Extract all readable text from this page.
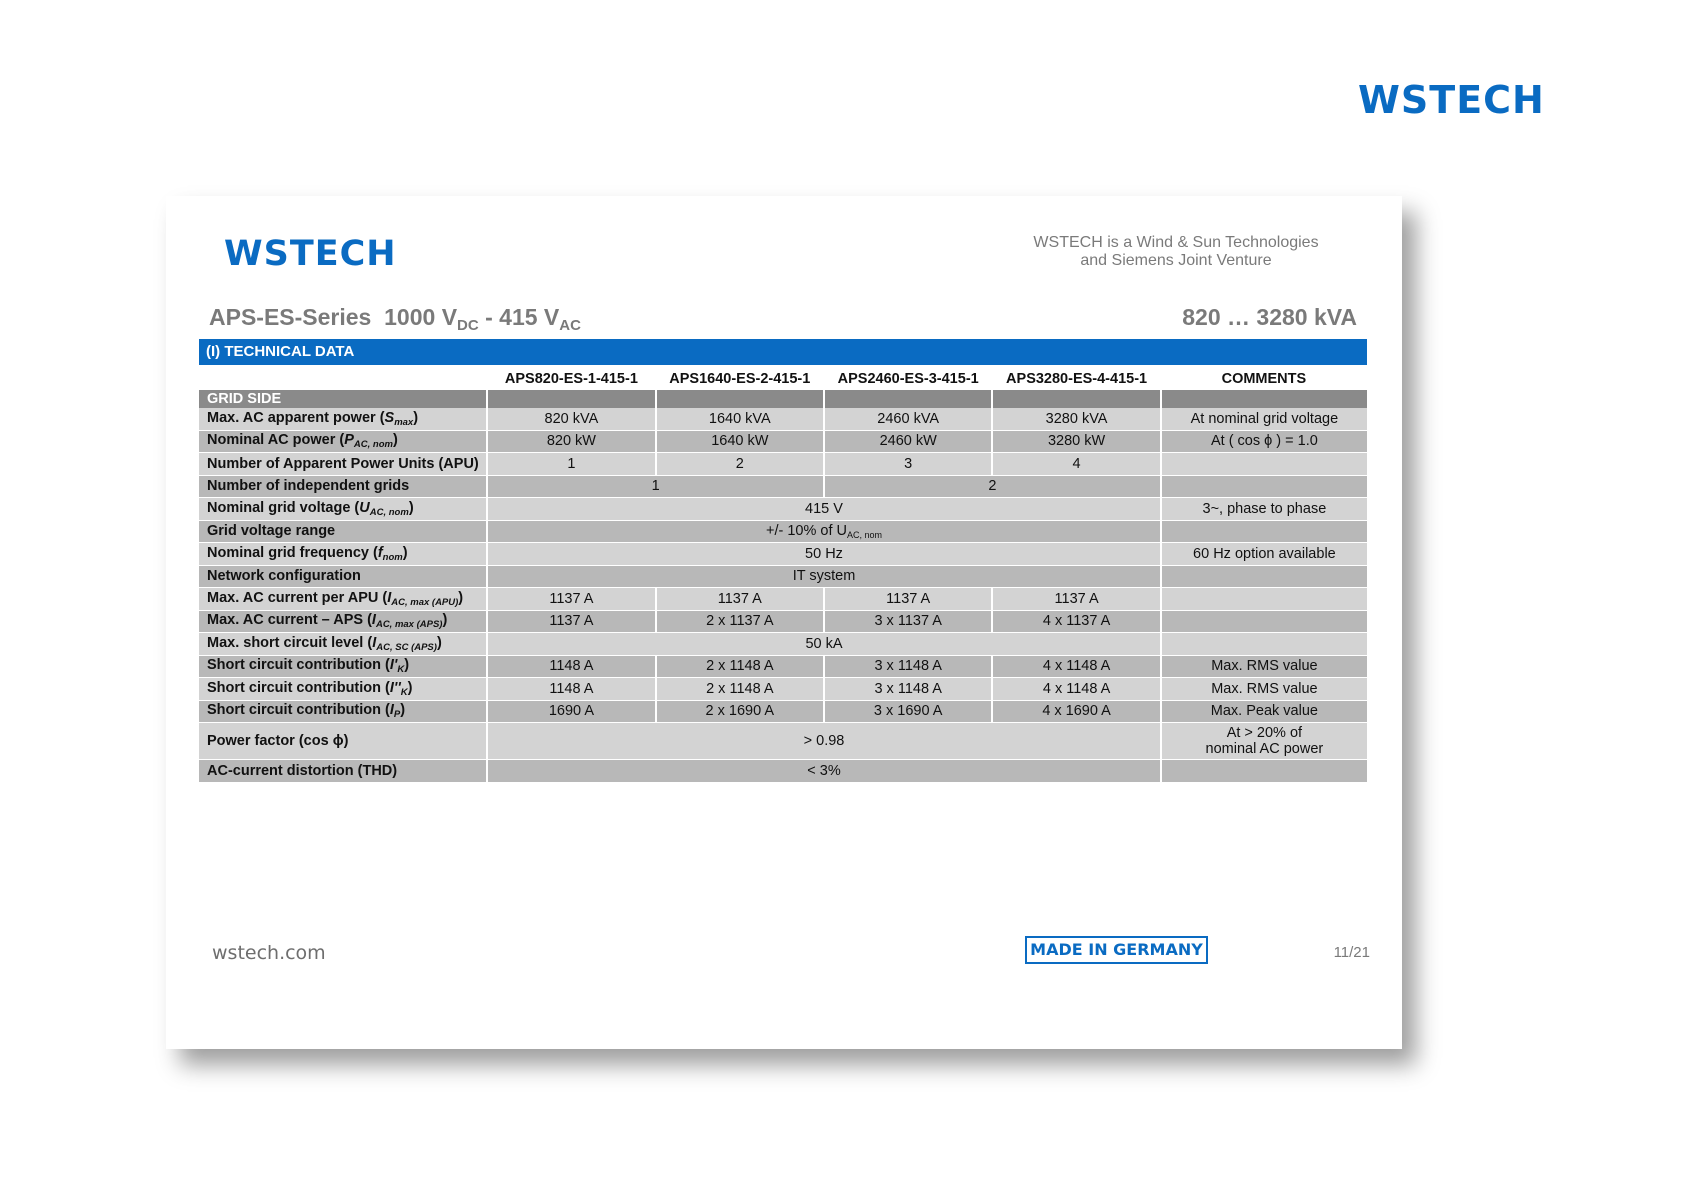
WSTECH
WSTECH	WSTECH is a Wind & Sun Technologies
and Siemens Joint Venture
APS-ES-Series 1000 $V_{DC} - 415$ $V_{AC}$	820 … 3280 kVA
(I) TECHNICAL DATA
	APS820-ES-1-415-1	APS1640-ES-2-415-1	APS2460-ES-3-415-1	APS3280-ES-4-415-1	COMMENTS
GRID SIDE					
Max. AC apparent power $(S_{max})$	820 kVA	1640 kVA	2460 kVA	3280 kVA	At nominal grid voltage
Nominal AC power $(P_{AC, nom})$	820 kW	1640 kW	2460 kW	3280 kW	At ( cos ϕ ) = 1.0
Number of Apparent Power Units (APU)	1	2	3	4	
Number of independent grids	1		2		
Nominal grid voltage $(U_{AC, nom})$	415 V				3~, phase to phase
Grid voltage range	+/- 10% of $U_{AC, nom}$	
Nominal grid frequency $(f_{nom})$	50 Hz				60 Hz option available
Network configuration	IT system				
Max. AC current per APU $(I_{AC, max (APU)})$	1137 A	1137 A	1137 A	1137 A	
Max. AC current – APS $(I_{AC, max (APS)})$	1137 A	2 x 1137 A	3 x 1137 A	4 x 1137 A	
Max. short circuit level $(I_{AC, SC (APS)})$	50 kA				
Short circuit contribution $(I'_K)$	1148 A	2 x 1148 A	3 x 1148 A	4 x 1148 A	Max. RMS value
Short circuit contribution $(I''_K)$	1148 A	2 x 1148 A	3 x 1148 A	4 x 1148 A	Max. RMS value
Short circuit contribution $(I_P)$	1690 A	2 x 1690 A	3 x 1690 A	4 x 1690 A	Max. Peak value
Power factor (cos ϕ)	> 0.98				At > 20% of
nominal AC power

AC-current distortion (THD)	< 3%				
wstech.com	MADE IN GERMANY	11/21
